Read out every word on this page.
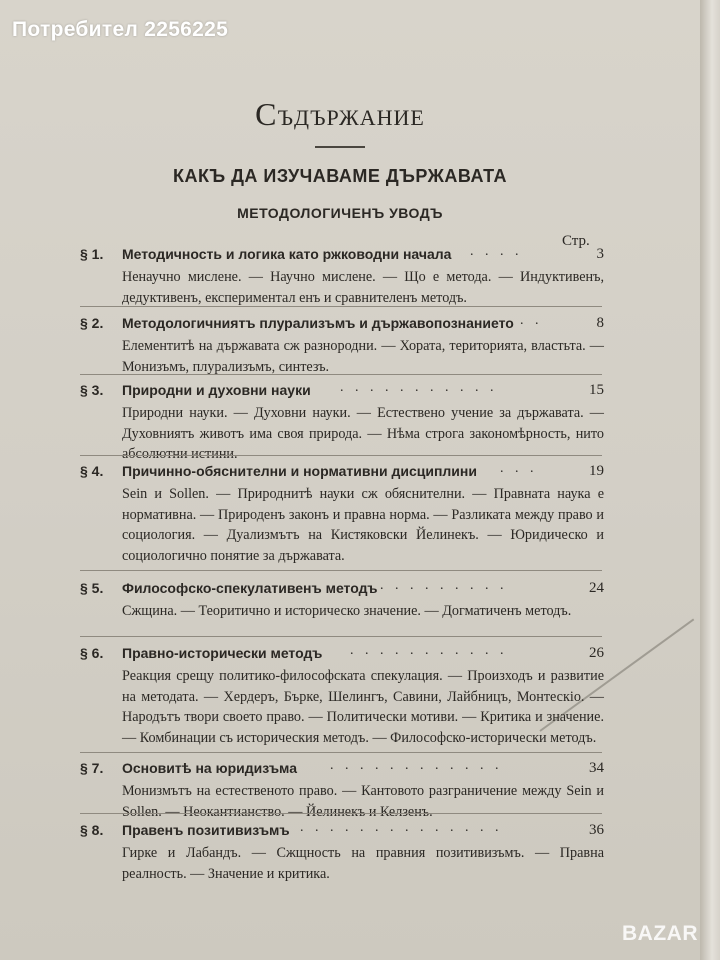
Потребител 2256225
Съдържание
КАКЪ ДА ИЗУЧАВАМЕ ДЪРЖАВАТА
МЕТОДОЛОГИЧЕНЪ УВОДЪ
Стр.
§ 1.	Методичность и логика като ржководни начала . . . .	3
Ненаучно мислене. — Научно мислене. — Що е метода. — Индуктивенъ, дедуктивенъ, експериментал енъ и сравнителенъ методъ.
§ 2.	Методологичниятъ плурализъмъ и държавопознанието . .	8
Елементитѣ на държавата сж разнородни. — Хората, територията, властьта. — Монизъмъ, плурализъмъ, синтезъ.
§ 3.	Природни и духовни науки . . . . . . . . . . .	15
Природни науки. — Духовни науки. — Естествено учение за държавата. — Духовниятъ животъ има своя природа. — Нѣма строга закономѣрность, нито абсолютни истини.
§ 4.	Причинно-обяснителни и нормативни дисциплини . . .	19
Sein и Sollen. — Природнитѣ науки сж обяснителни. — Правната наука е нормативна. — Природенъ законъ и правна норма. — Разликата между право и социология. — Дуализмътъ на Кистяковски Йелинекъ. — Юридическо и социологично понятие за държавата.
§ 5.	Философско-спекулативенъ методъ . . . . . . . . .	24
Сжщина. — Теоритично и историческо значение. — Догматиченъ методъ.
§ 6.	Правно-исторически методъ . . . . . . . . . . .	26
Реакция срещу политико-философската спекулация. — Произходъ и развитие на методата. — Хердеръ, Бърке, Шелингъ, Савини, Лайбницъ, Монтескiо. — Народътъ твори своето право. — Политически мотиви. — Критика и значение. — Комбинации съ историческия методъ. — Философско-исторически методъ.
§ 7.	Основитѣ на юридизъма . . . . . . . . . . . .	34
Монизмътъ на естественото право. — Кантовото разграничение между Sein и Sollen. — Неокантианство. — Йелинекъ и Келзенъ.
§ 8.	Правенъ позитивизъмъ . . . . . . . . . . . . . .	36
Гирке и Лабандъ. — Сжщность на правния позитивизъмъ. — Правна реалность. — Значение и критика.
BAZAR
